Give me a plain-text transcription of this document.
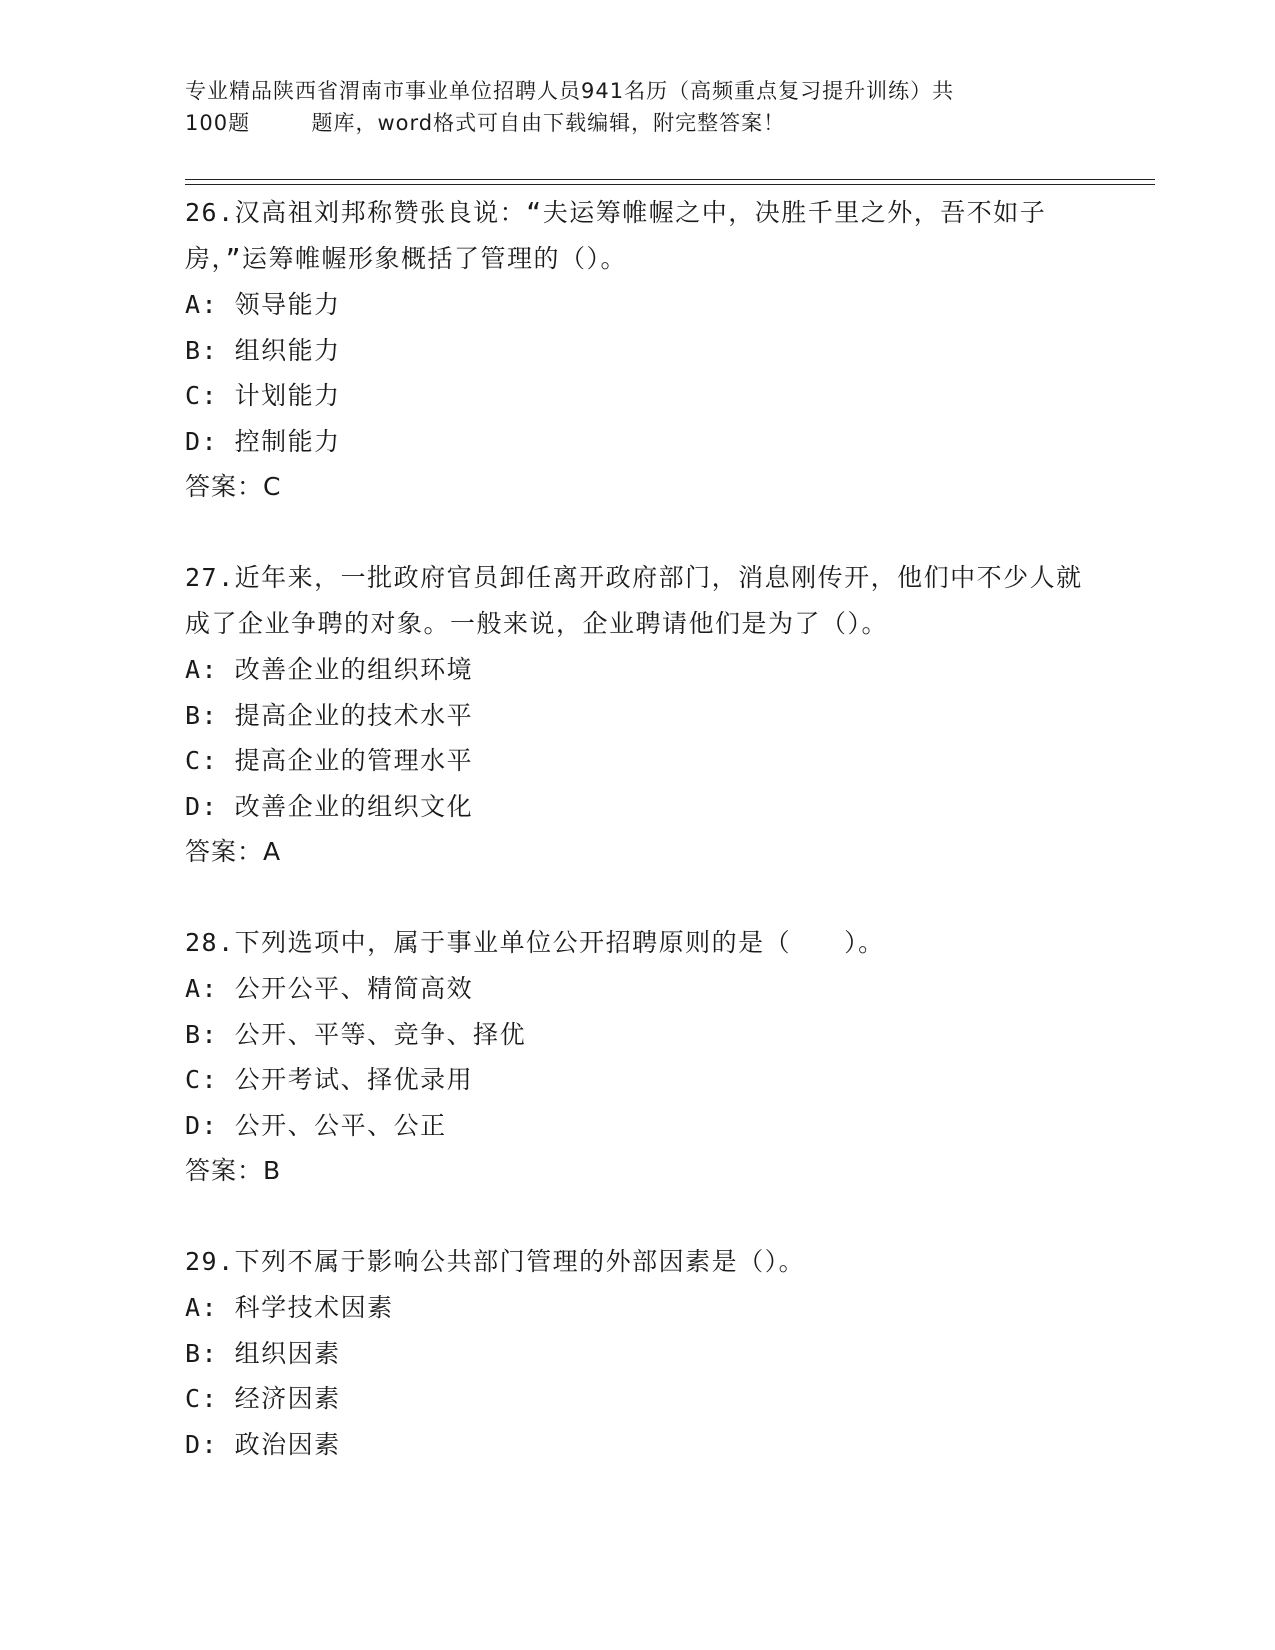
专业精品陕西省渭南市事业单位招聘人员941名历（高频重点复习提升训练）共
100题        题库，word格式可自由下载编辑，附完整答案！
26.汉高祖刘邦称赞张良说：“夫运筹帷幄之中，决胜千里之外，吾不如子房，”运筹帷幄形象概括了管理的（）。
A: 领导能力
B: 组织能力
C: 计划能力
D: 控制能力
答案：C
27.近年来，一批政府官员卸任离开政府部门，消息刚传开，他们中不少人就成了企业争聘的对象。一般来说，企业聘请他们是为了（）。
A: 改善企业的组织环境
B: 提高企业的技术水平
C: 提高企业的管理水平
D: 改善企业的组织文化
答案：A
28.下列选项中，属于事业单位公开招聘原则的是（　　）。
A: 公开公平、精简高效
B: 公开、平等、竞争、择优
C: 公开考试、择优录用
D: 公开、公平、公正
答案：B
29.下列不属于影响公共部门管理的外部因素是（）。
A: 科学技术因素
B: 组织因素
C: 经济因素
D: 政治因素
